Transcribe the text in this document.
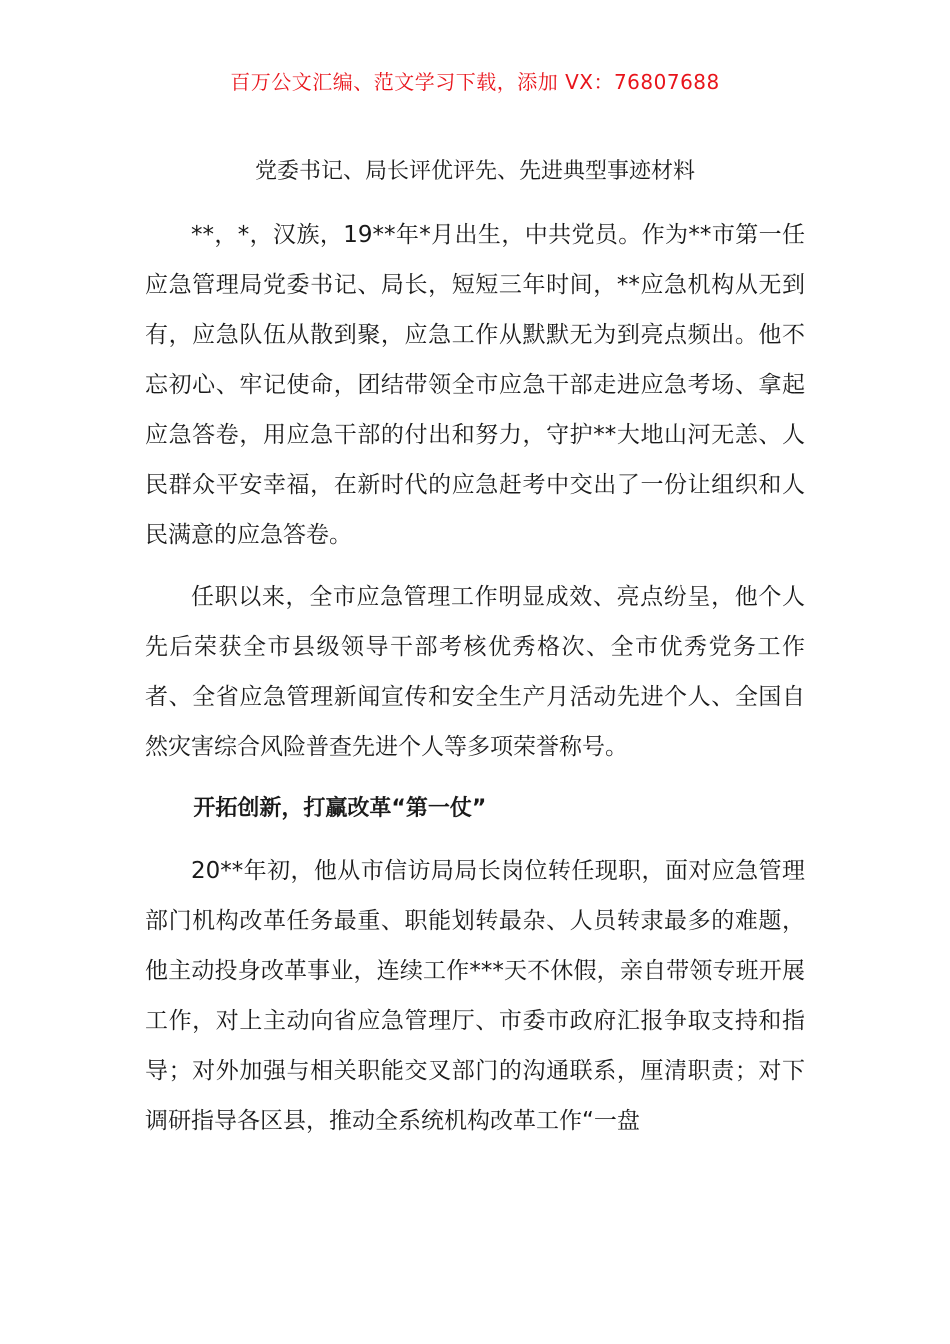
百万公文汇编、范文学习下载，添加 VX：76807688
党委书记、局长评优评先、先进典型事迹材料

**，*，汉族，19**年*月出生，中共党员。作为**市第一任应急管理局党委书记、局长，短短三年时间，**应急机构从无到有，应急队伍从散到聚，应急工作从默默无为到亮点频出。他不忘初心、牢记使命，团结带领全市应急干部走进应急考场、拿起应急答卷，用应急干部的付出和努力，守护**大地山河无恙、人民群众平安幸福，在新时代的应急赶考中交出了一份让组织和人民满意的应急答卷。

任职以来，全市应急管理工作明显成效、亮点纷呈，他个人先后荣获全市县级领导干部考核优秀格次、全市优秀党务工作者、全省应急管理新闻宣传和安全生产月活动先进个人、全国自然灾害综合风险普查先进个人等多项荣誉称号。

开拓创新，打赢改革“第一仗”

20**年初，他从市信访局局长岗位转任现职，面对应急管理部门机构改革任务最重、职能划转最杂、人员转隶最多的难题，他主动投身改革事业，连续工作***天不休假，亲自带领专班开展工作，对上主动向省应急管理厅、市委市政府汇报争取支持和指导；对外加强与相关职能交叉部门的沟通联系，厘清职责；对下调研指导各区县，推动全系统机构改革工作“一盘
